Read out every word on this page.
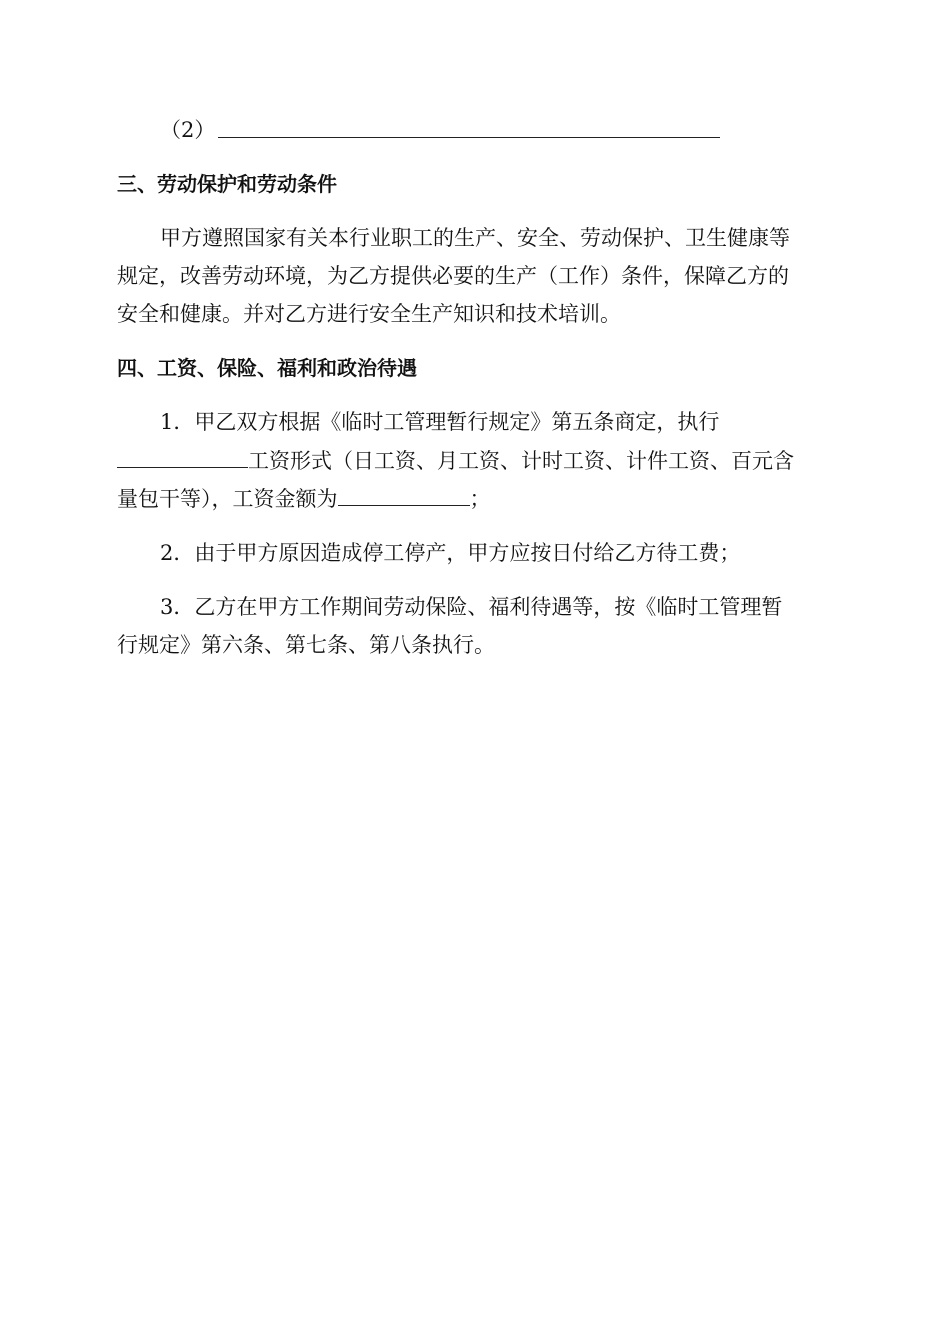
（2）
三、劳动保护和劳动条件
甲方遵照国家有关本行业职工的生产、安全、劳动保护、卫生健康等
规定，改善劳动环境，为乙方提供必要的生产（工作）条件，保障乙方的
安全和健康。并对乙方进行安全生产知识和技术培训。
四、工资、保险、福利和政治待遇
1．甲乙双方根据《临时工管理暂行规定》第五条商定，执行
工资形式（日工资、月工资、计时工资、计件工资、百元含
量包干等），工资金额为	；
2．由于甲方原因造成停工停产，甲方应按日付给乙方待工费；
3．乙方在甲方工作期间劳动保险、福利待遇等，按《临时工管理暂
行规定》第六条、第七条、第八条执行。
